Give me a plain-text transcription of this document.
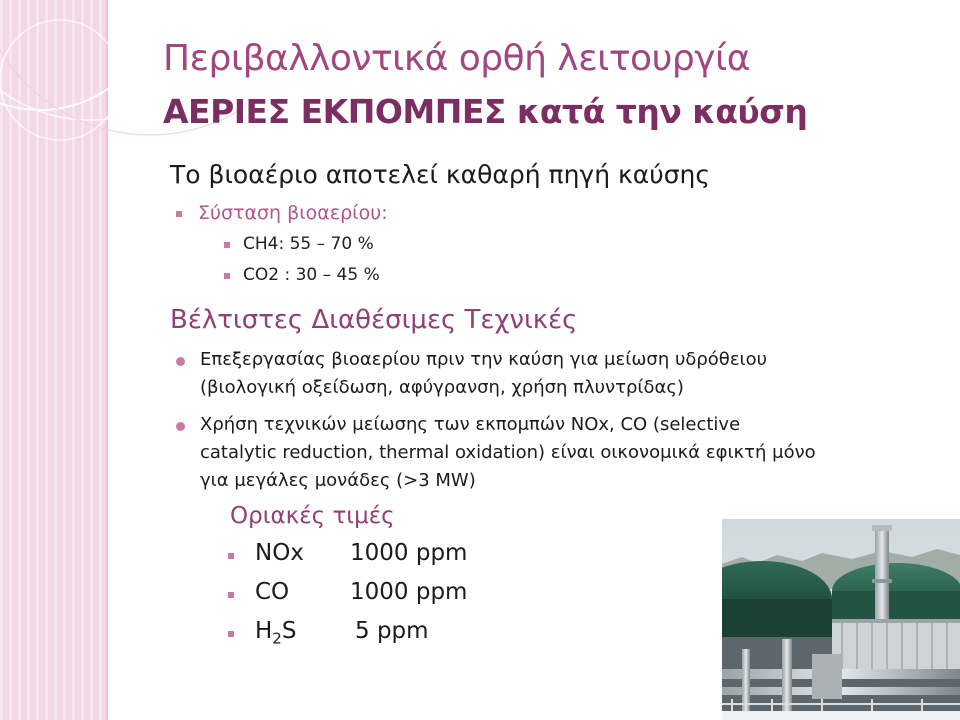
Περιβαλλοντικά ορθή λειτουργία
ΑΕΡΙΕΣ ΕΚΠΟΜΠΕΣ κατά την καύση
Το βιοαέριο αποτελεί καθαρή πηγή καύσης
Σύσταση βιοαερίου:
CH4: 55 – 70 %
CO2 : 30 – 45 %
Βέλτιστες Διαθέσιμες Τεχνικές
Επεξεργασίας βιοαερίου πριν την καύση για μείωση υδρόθειου
(βιολογική οξείδωση, αφύγρανση, χρήση πλυντρίδας)
Χρήση τεχνικών μείωσης των εκπομπών NOx, CO (selective
catalytic reduction, thermal oxidation) είναι οικονομικά εφικτή μόνο
για μεγάλες μονάδες (>3 MW)
Οριακές τιμές
NOx 1000 ppm
CO	1000 ppm
$H_2S$	5 ppm
